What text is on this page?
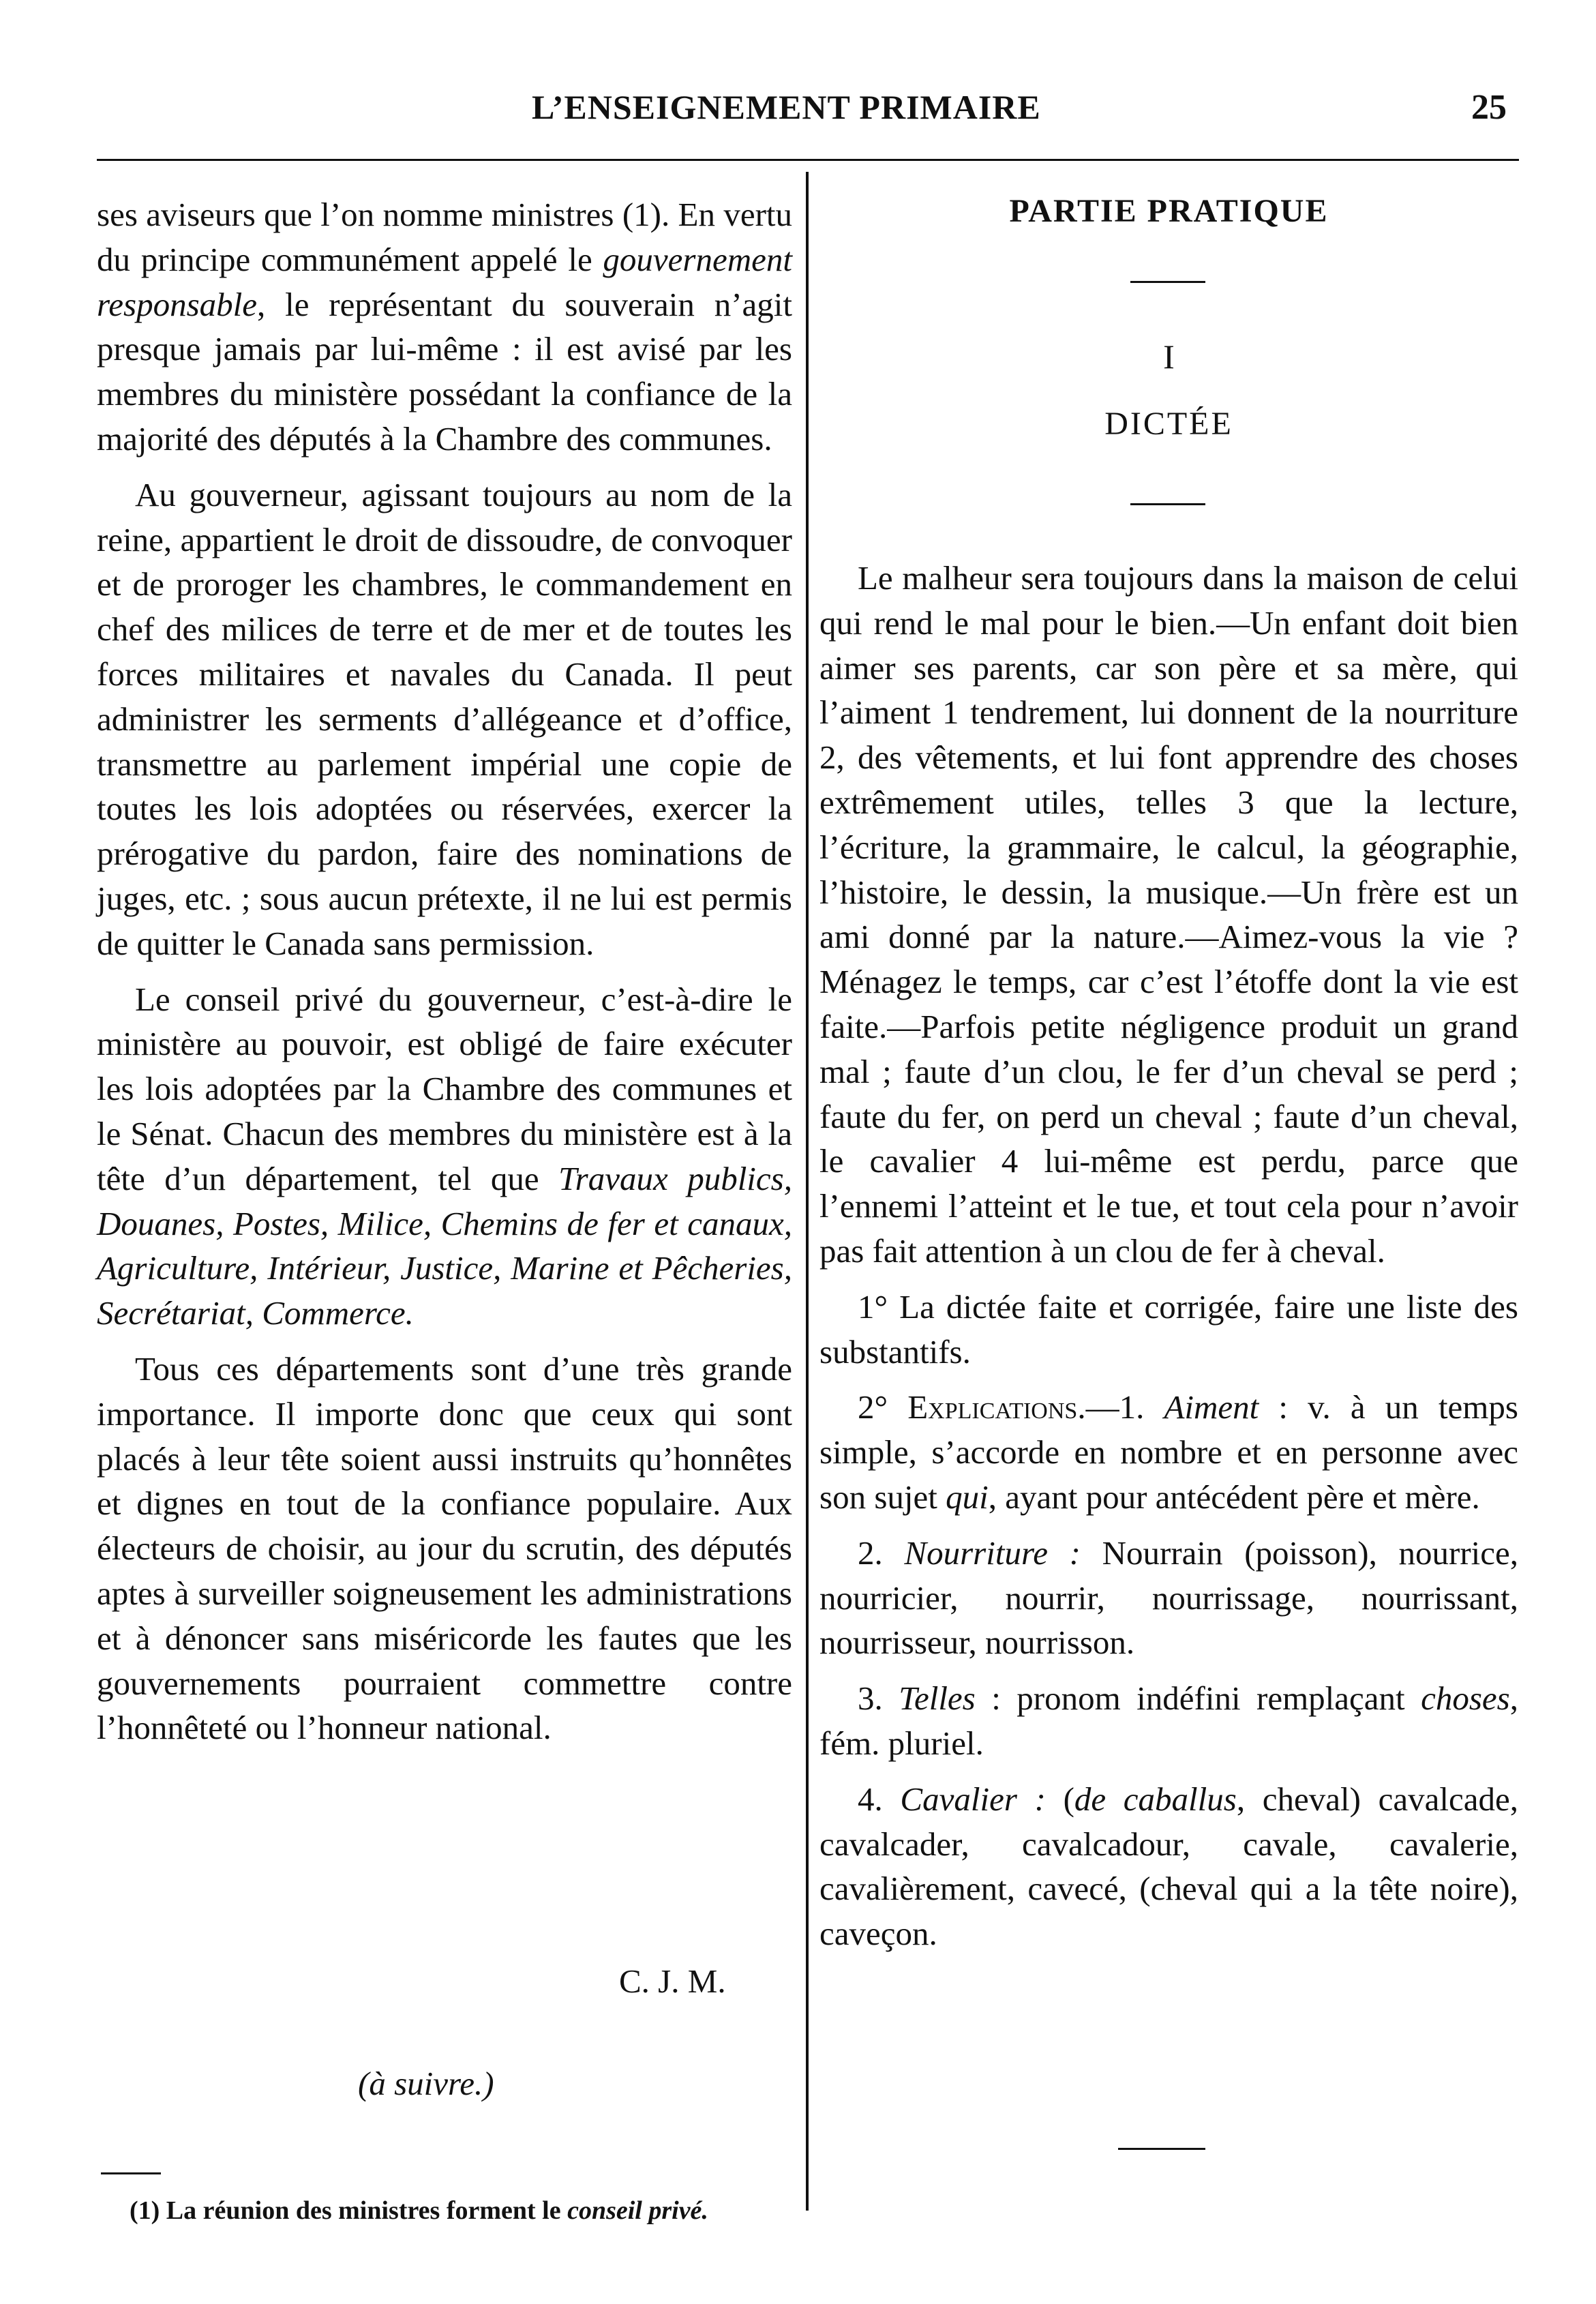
L’ENSEIGNEMENT PRIMAIRE	25

ses aviseurs que l’on nomme ministres (1). En vertu du principe communément appelé le gouvernement responsable, le représentant du souverain n’agit presque jamais par lui-même : il est avisé par les membres du ministère possédant la confiance de la majorité des députés à la Chambre des communes.

Au gouverneur, agissant toujours au nom de la reine, appartient le droit de dissoudre, de convoquer et de proroger les chambres, le commandement en chef des milices de terre et de mer et de toutes les forces militaires et navales du Canada. Il peut administrer les serments d’allégeance et d’office, transmettre au parlement impérial une copie de toutes les lois adoptées ou réservées, exercer la prérogative du pardon, faire des nominations de juges, etc. ; sous aucun prétexte, il ne lui est permis de quitter le Canada sans permission.

Le conseil privé du gouverneur, c’est-à-dire le ministère au pouvoir, est obligé de faire exécuter les lois adoptées par la Chambre des communes et le Sénat. Chacun des membres du ministère est à la tête d’un département, tel que Travaux publics, Douanes, Postes, Milice, Chemins de fer et canaux, Agriculture, Intérieur, Justice, Marine et Pêcheries, Secrétariat, Commerce.

Tous ces départements sont d’une très grande importance. Il importe donc que ceux qui sont placés à leur tête soient aussi instruits qu’honnêtes et dignes en tout de la confiance populaire. Aux électeurs de choisir, au jour du scrutin, des députés aptes à surveiller soigneusement les administrations et à dénoncer sans miséricorde les fautes que les gouvernements pourraient commettre contre l’honnêteté ou l’honneur national.

C. J. M.
(à suivre.)
(1) La réunion des ministres forment le conseil privé.
PARTIE PRATIQUE
I
DICTÉE

Le malheur sera toujours dans la maison de celui qui rend le mal pour le bien.—Un enfant doit bien aimer ses parents, car son père et sa mère, qui l’aiment 1 tendrement, lui donnent de la nourriture 2, des vêtements, et lui font apprendre des choses extrêmement utiles, telles 3 que la lecture, l’écriture, la grammaire, le calcul, la géographie, l’histoire, le dessin, la musique.—Un frère est un ami donné par la nature.—Aimez-vous la vie ? Ménagez le temps, car c’est l’étoffe dont la vie est faite.—Parfois petite négligence produit un grand mal ; faute d’un clou, le fer d’un cheval se perd ; faute du fer, on perd un cheval ; faute d’un cheval, le cavalier 4 lui-même est perdu, parce que l’ennemi l’atteint et le tue, et tout cela pour n’avoir pas fait attention à un clou de fer à cheval.

1° La dictée faite et corrigée, faire une liste des substantifs.

2° Explications.—1. Aiment : v. à un temps simple, s’accorde en nombre et en personne avec son sujet qui, ayant pour antécédent père et mère.

2. Nourriture : Nourrain (poisson), nourrice, nourricier, nourrir, nourrissage, nourrissant, nourrisseur, nourrisson.

3. Telles : pronom indéfini remplaçant choses, fém. pluriel.

4. Cavalier : (de caballus, cheval) cavalcade, cavalcader, cavalcadour, cavale, cavalerie, cavalièrement, cavecé, (cheval qui a la tête noire), caveçon.
